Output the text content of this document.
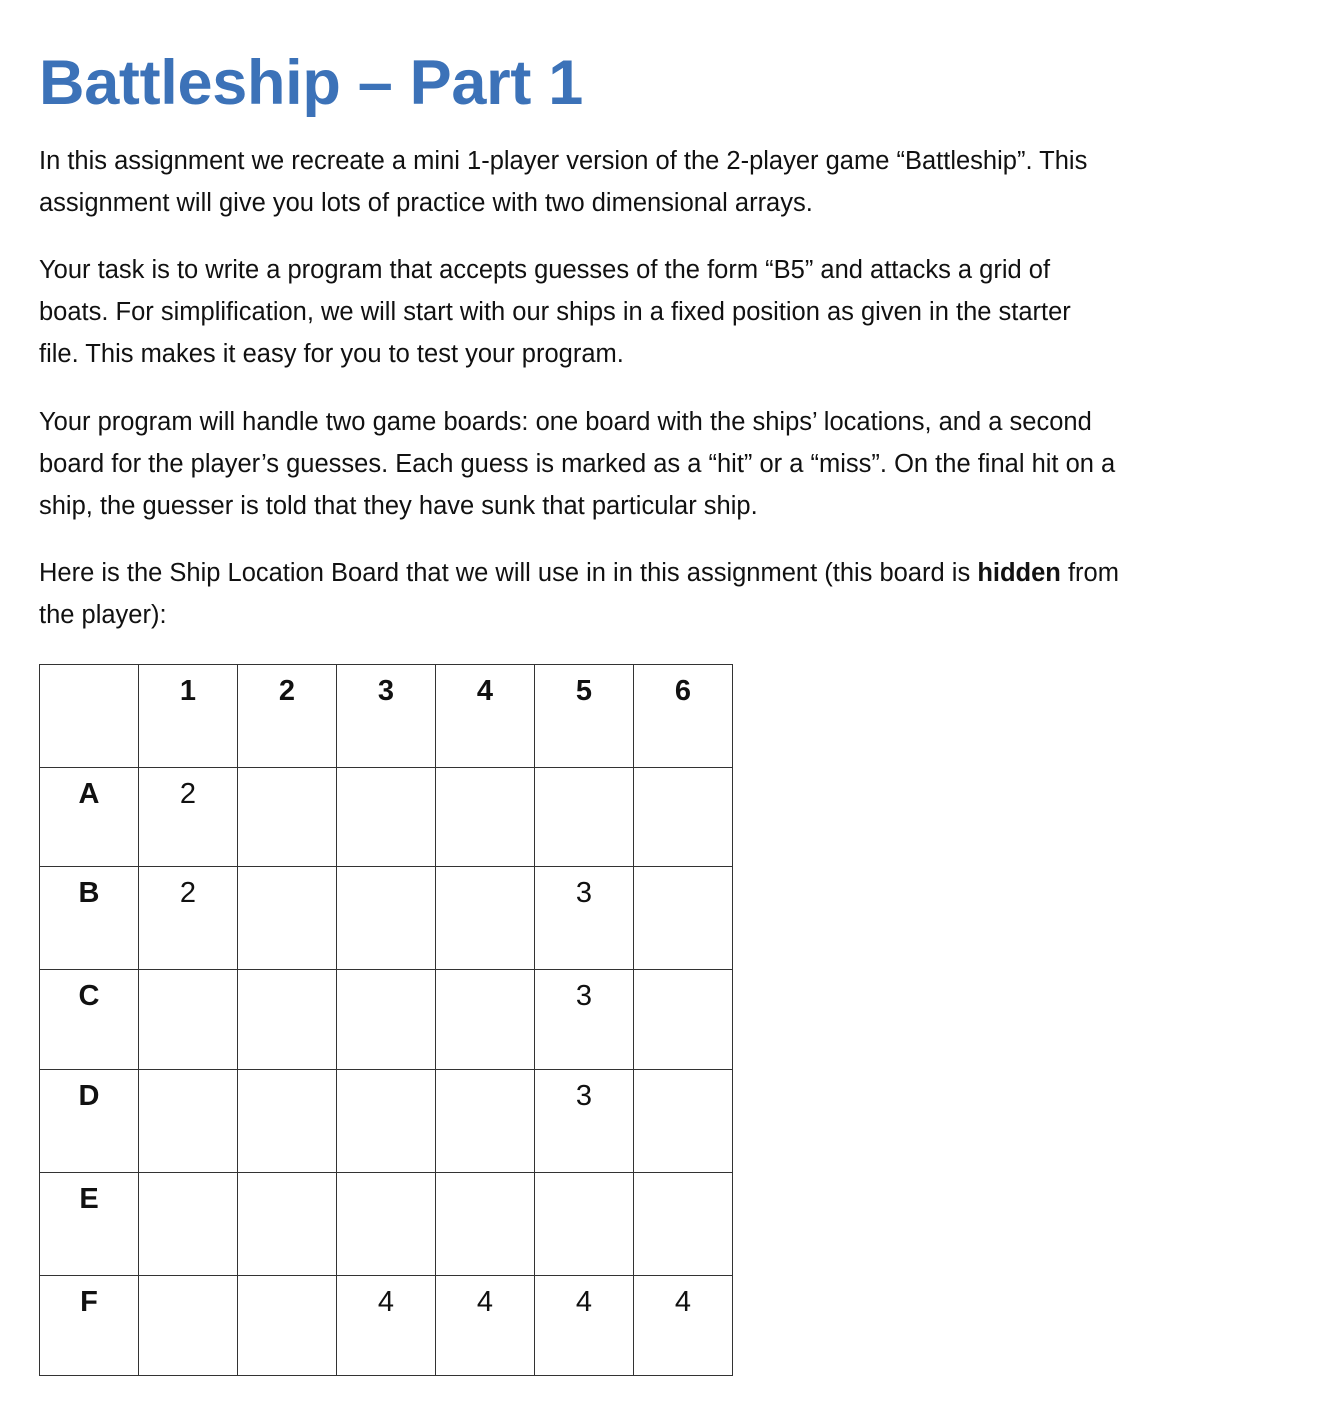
Battleship – Part 1

In this assignment we recreate a mini 1-player version of the 2-player game “Battleship”. This
assignment will give you lots of practice with two dimensional arrays.

Your task is to write a program that accepts guesses of the form “B5” and attacks a grid of
boats. For simplification, we will start with our ships in a fixed position as given in the starter
file. This makes it easy for you to test your program.

Your program will handle two game boards: one board with the ships’ locations, and a second
board for the player’s guesses. Each guess is marked as a “hit” or a “miss”. On the final hit on a
ship, the guesser is told that they have sunk that particular ship.

Here is the Ship Location Board that we will use in in this assignment (this board is hidden from
the player):

	1	2	3	4	5	6

A	2					

B	2				3	

C					3	

D					3	

E						

F			4	4	4	4
